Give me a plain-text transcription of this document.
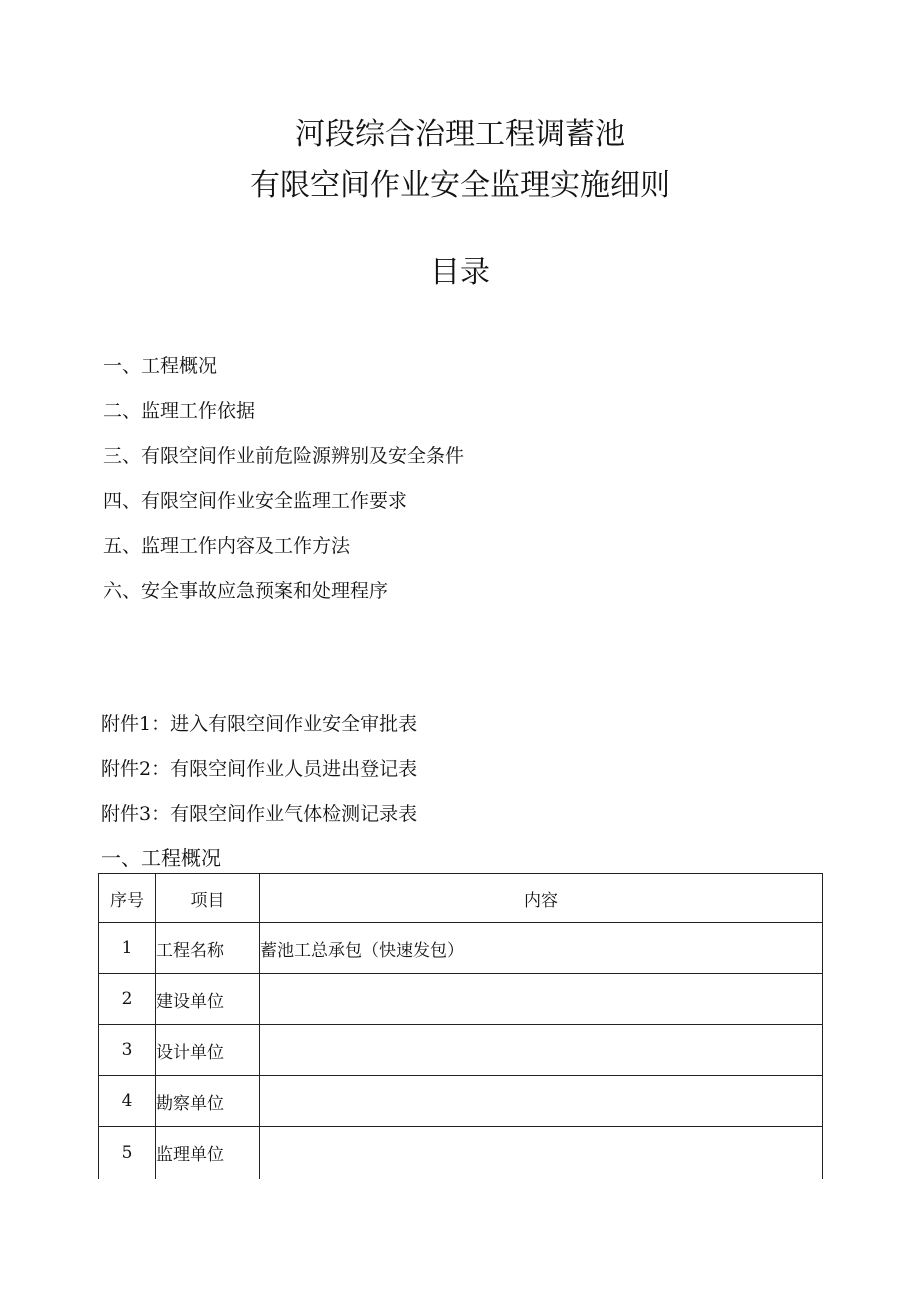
河段综合治理工程调蓄池
有限空间作业安全监理实施细则
目录
一、工程概况
二、监理工作依据
三、有限空间作业前危险源辨别及安全条件
四、有限空间作业安全监理工作要求
五、监理工作内容及工作方法
六、安全事故应急预案和处理程序
附件1：进入有限空间作业安全审批表
附件2：有限空间作业人员进出登记表
附件3：有限空间作业气体检测记录表
一、工程概况
序号	项目	内容
1	工程名称	蓄池工总承包（快速发包）
2	建设单位	
3	设计单位	
4	勘察单位	
5	监理单位	
